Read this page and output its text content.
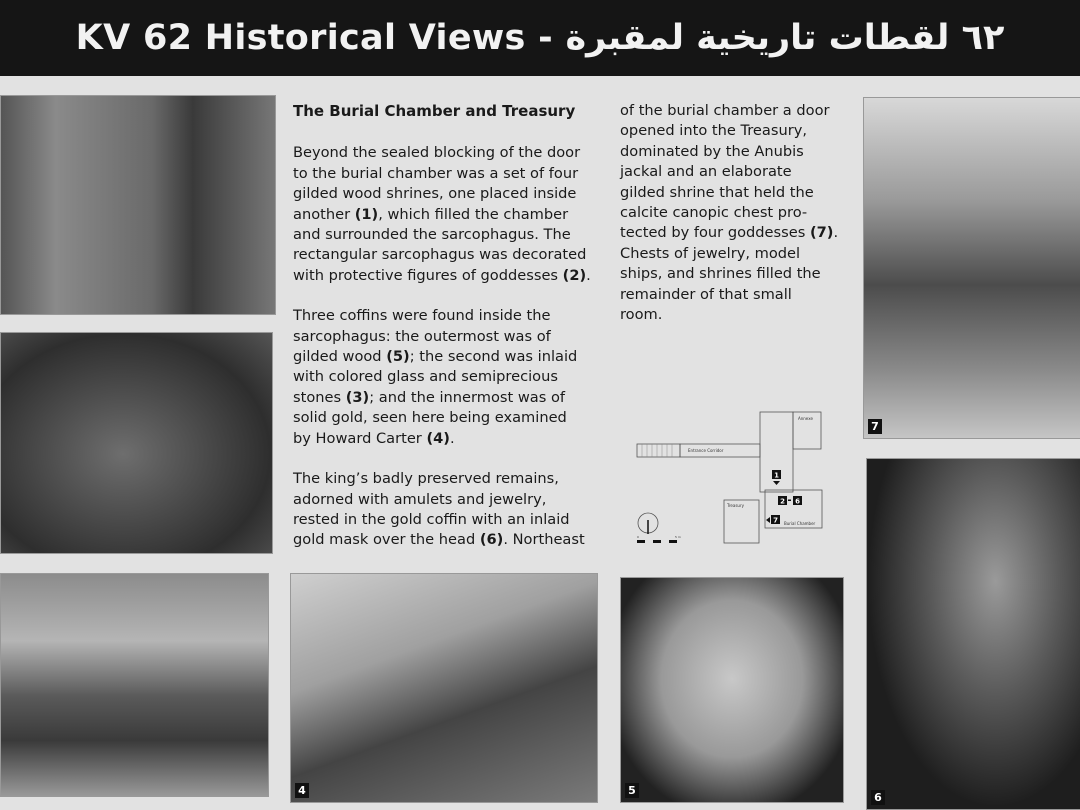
KV 62 Historical Views - ٦٢ لقطات تاريخية لمقبرة
4	5
7
6
The Burial Chamber and Treasury

Beyond the sealed blocking of the door
to the burial chamber was a set of four
gilded wood shrines, one placed inside
another (1), which filled the chamber
and surrounded the sarcophagus. The
rectangular sarcophagus was decorated
with protective figures of goddesses (2).

Three coffins were found inside the
sarcophagus: the outermost was of
gilded wood (5); the second was inlaid
with colored glass and semiprecious
stones (3); and the innermost was of
solid gold, seen here being examined
by Howard Carter (4).

The king’s badly preserved remains,
adorned with amulets and jewelry,
rested in the gold coffin with an inlaid
gold mask over the head (6). Northeast

of the burial chamber a door
opened into the Treasury,
dominated by the Anubis
jackal and an elaborate
gilded shrine that held the
calcite canopic chest pro-
tected by four goddesses (7).
Chests of jewelry, model
ships, and shrines filled the
remainder of that small
room.

0	5 m
Annexe
Entrance Corridor
Treasury
Burial Chamber
1
2 6
7
